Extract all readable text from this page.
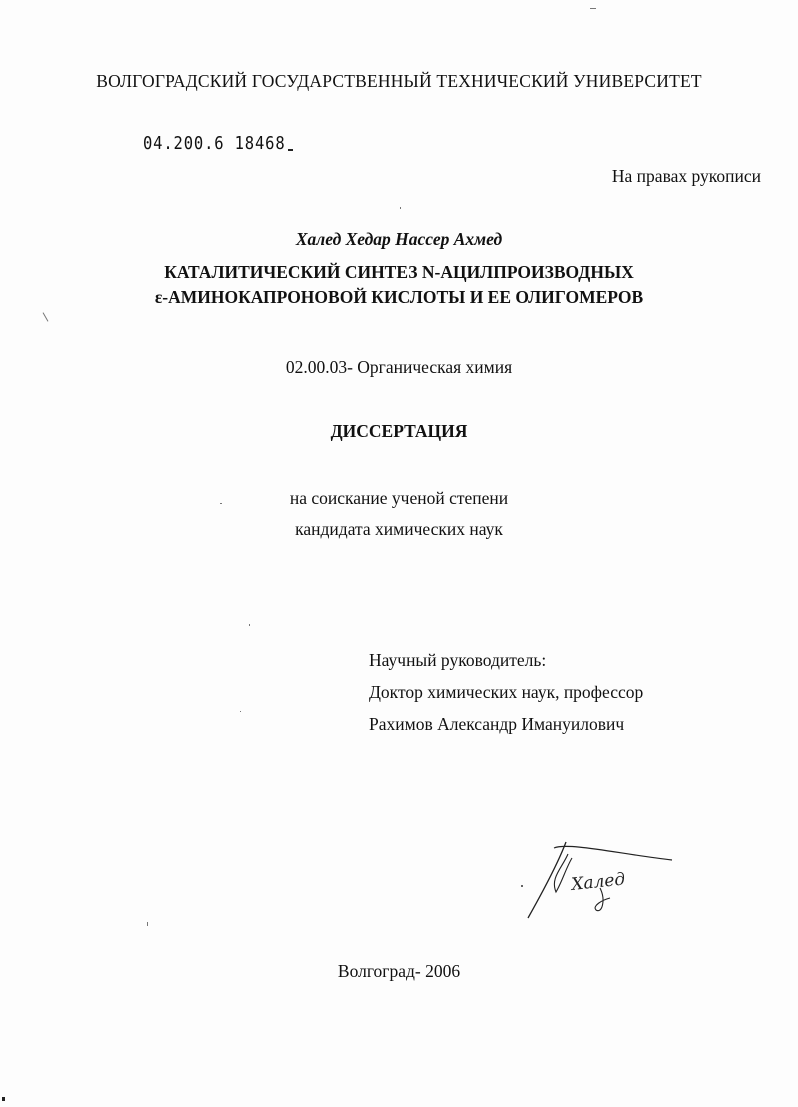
ВОЛГОГРАДСКИЙ ГОСУДАРСТВЕННЫЙ ТЕХНИЧЕСКИЙ УНИВЕРСИТЕТ
04.200.6 18468
На правах рукописи
Халед Хедар Нассер Ахмед
КАТАЛИТИЧЕСКИЙ СИНТЕЗ N-АЦИЛПРОИЗВОДНЫХ
ε-АМИНОКАПРОНОВОЙ КИСЛОТЫ И ЕЕ ОЛИГОМЕРОВ
02.00.03- Органическая химия
ДИССЕРТАЦИЯ
на соискание ученой степени
кандидата химических наук
Научный руководитель:
Доктор химических наук, профессор
Рахимов Александр Имануилович
Халед
Волгоград- 2006
